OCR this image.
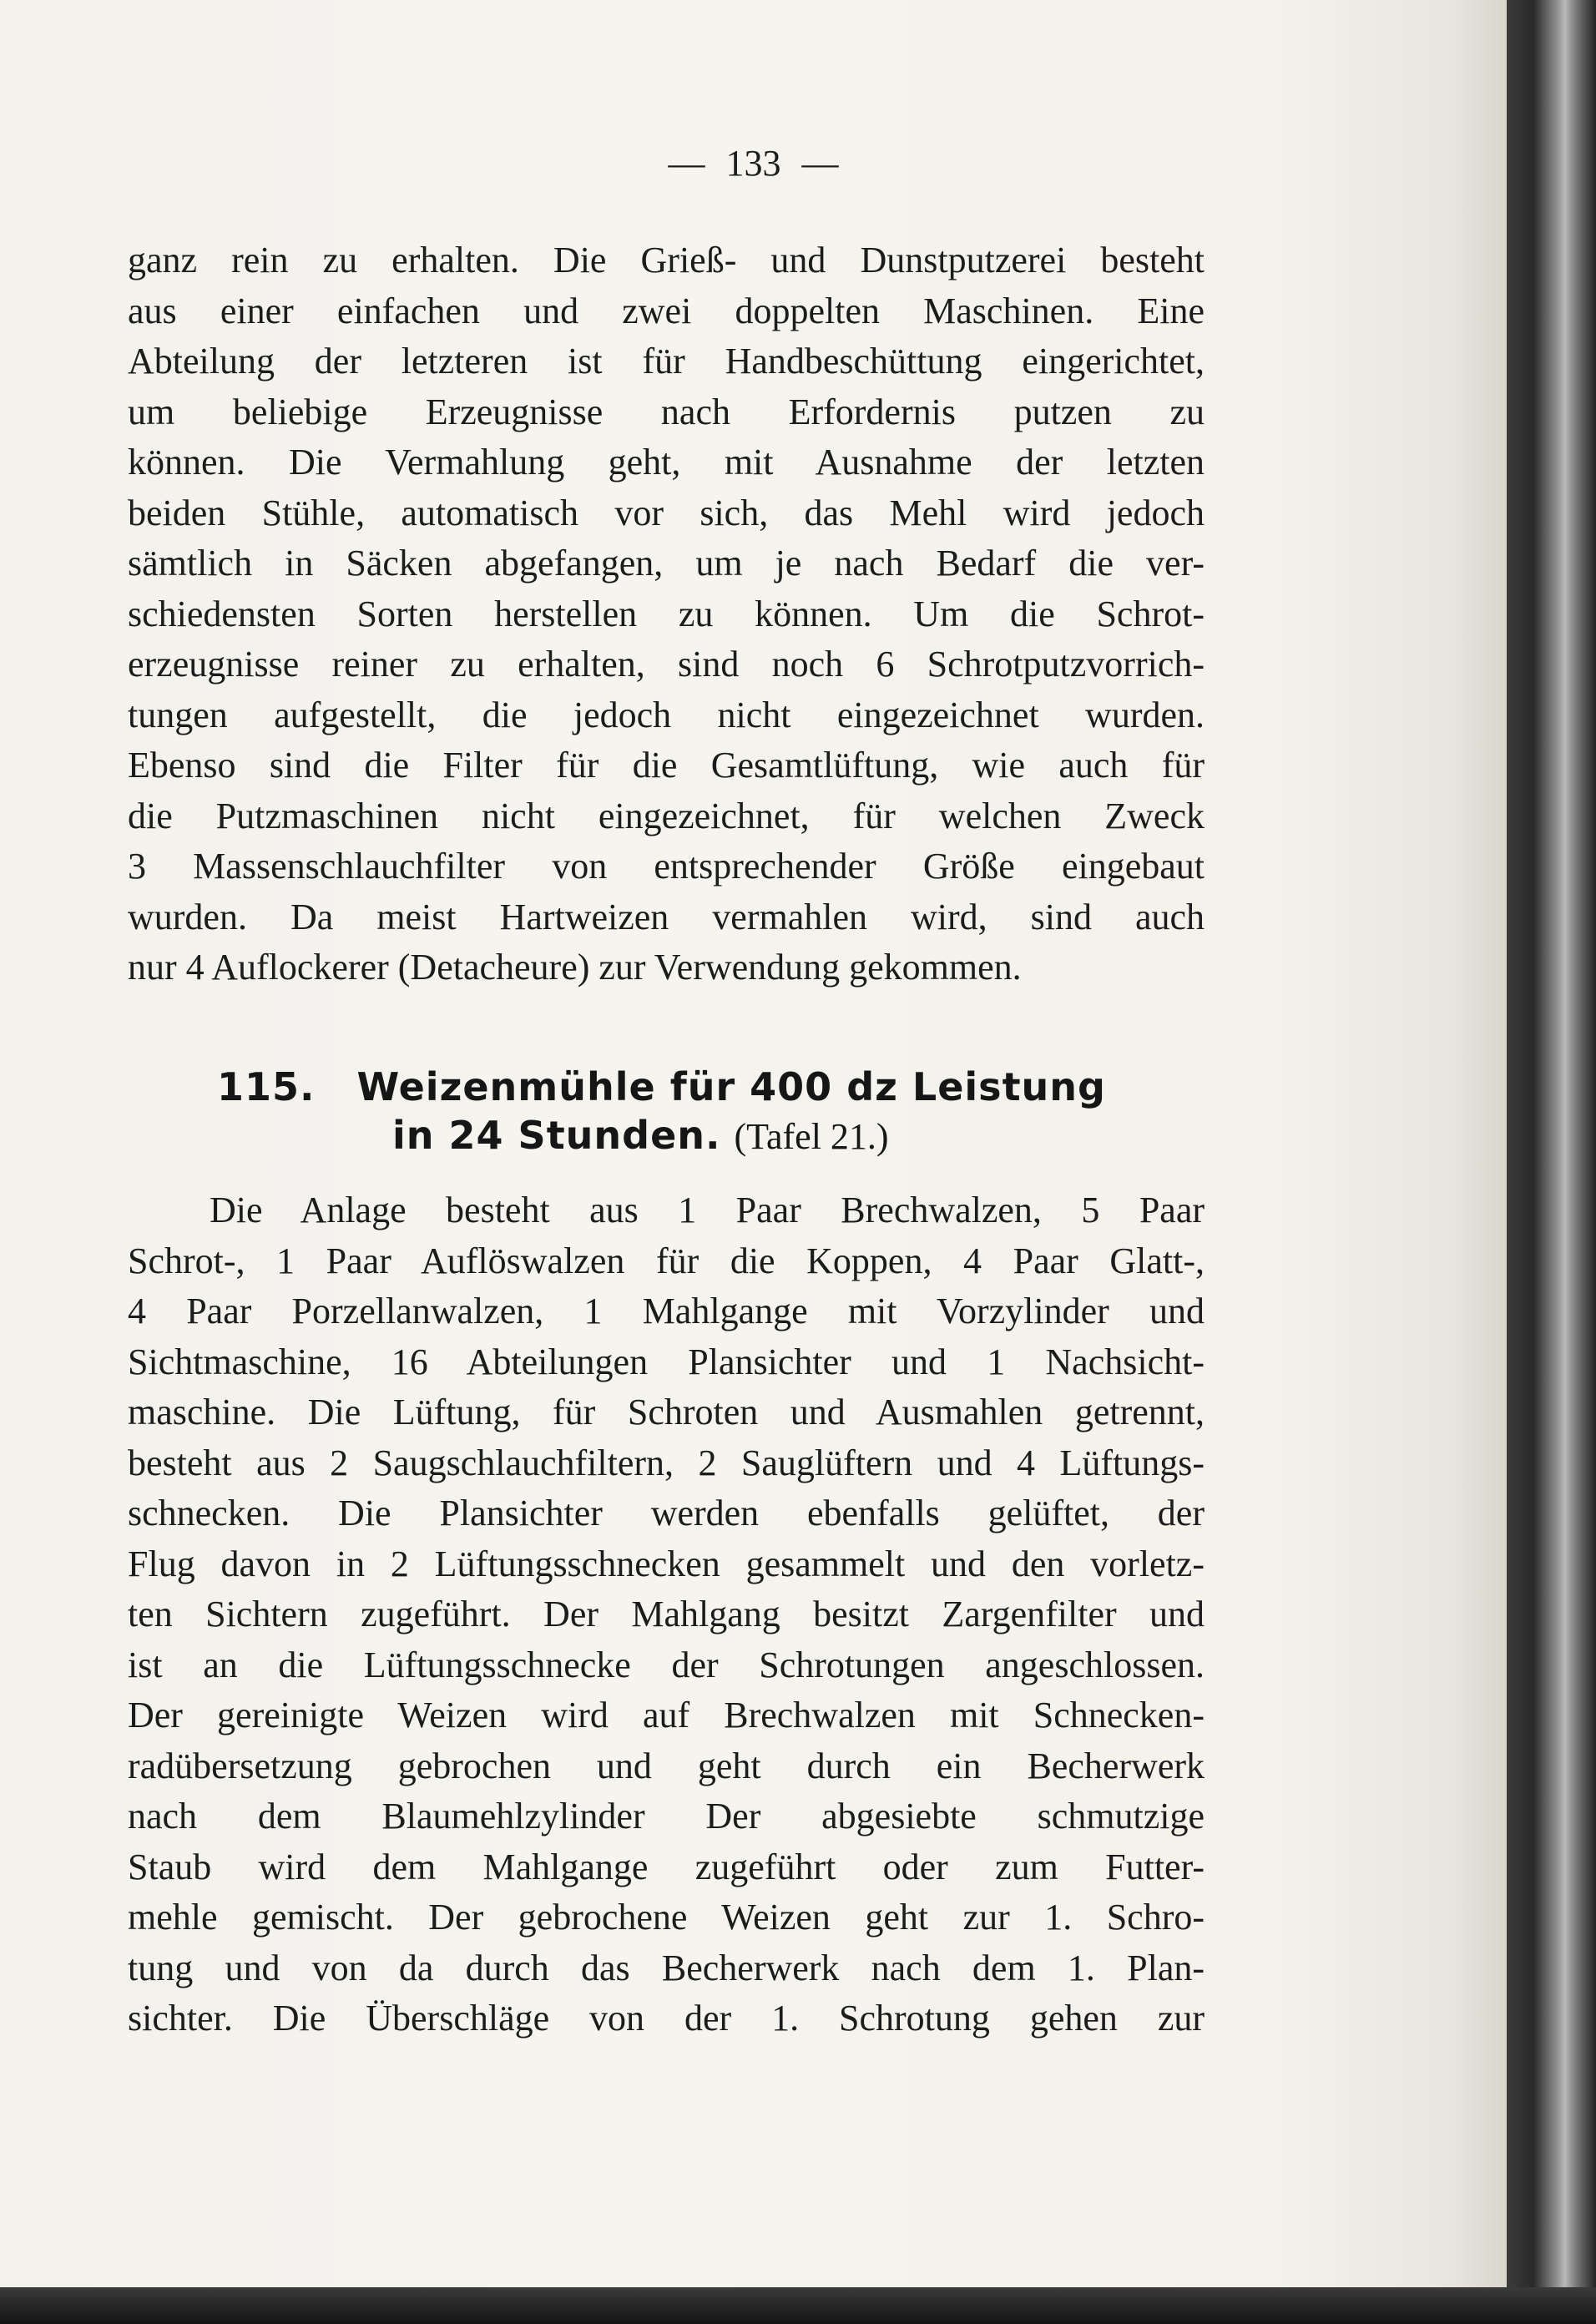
— 133 —
ganz rein zu erhalten. Die Grieß- und Dunstputzerei besteht
aus einer einfachen und zwei doppelten Maschinen. Eine
Abteilung der letzteren ist für Handbeschüttung eingerichtet,
um beliebige Erzeugnisse nach Erfordernis putzen zu
können. Die Vermahlung geht, mit Ausnahme der letzten
beiden Stühle, automatisch vor sich, das Mehl wird jedoch
sämtlich in Säcken abgefangen, um je nach Bedarf die ver-
schiedensten Sorten herstellen zu können. Um die Schrot-
erzeugnisse reiner zu erhalten, sind noch 6 Schrotputzvorrich-
tungen aufgestellt, die jedoch nicht eingezeichnet wurden.
Ebenso sind die Filter für die Gesamtlüftung, wie auch für
die Putzmaschinen nicht eingezeichnet, für welchen Zweck
3 Massenschlauchfilter von entsprechender Größe eingebaut
wurden. Da meist Hartweizen vermahlen wird, sind auch
nur 4 Auflockerer (Detacheure) zur Verwendung gekommen.
115. Weizenmühle für 400 dz Leistung
in 24 Stunden. (Tafel 21.)
Die Anlage besteht aus 1 Paar Brechwalzen, 5 Paar
Schrot-, 1 Paar Auflöswalzen für die Koppen, 4 Paar Glatt-,
4 Paar Porzellanwalzen, 1 Mahlgange mit Vorzylinder und
Sichtmaschine, 16 Abteilungen Plansichter und 1 Nachsicht-
maschine. Die Lüftung, für Schroten und Ausmahlen getrennt,
besteht aus 2 Saugschlauchfiltern, 2 Sauglüftern und 4 Lüftungs-
schnecken. Die Plansichter werden ebenfalls gelüftet, der
Flug davon in 2 Lüftungsschnecken gesammelt und den vorletz-
ten Sichtern zugeführt. Der Mahlgang besitzt Zargenfilter und
ist an die Lüftungsschnecke der Schrotungen angeschlossen.
Der gereinigte Weizen wird auf Brechwalzen mit Schnecken-
radübersetzung gebrochen und geht durch ein Becherwerk
nach dem Blaumehlzylinder Der abgesiebte schmutzige
Staub wird dem Mahlgange zugeführt oder zum Futter-
mehle gemischt. Der gebrochene Weizen geht zur 1. Schro-
tung und von da durch das Becherwerk nach dem 1. Plan-
sichter. Die Überschläge von der 1. Schrotung gehen zur
